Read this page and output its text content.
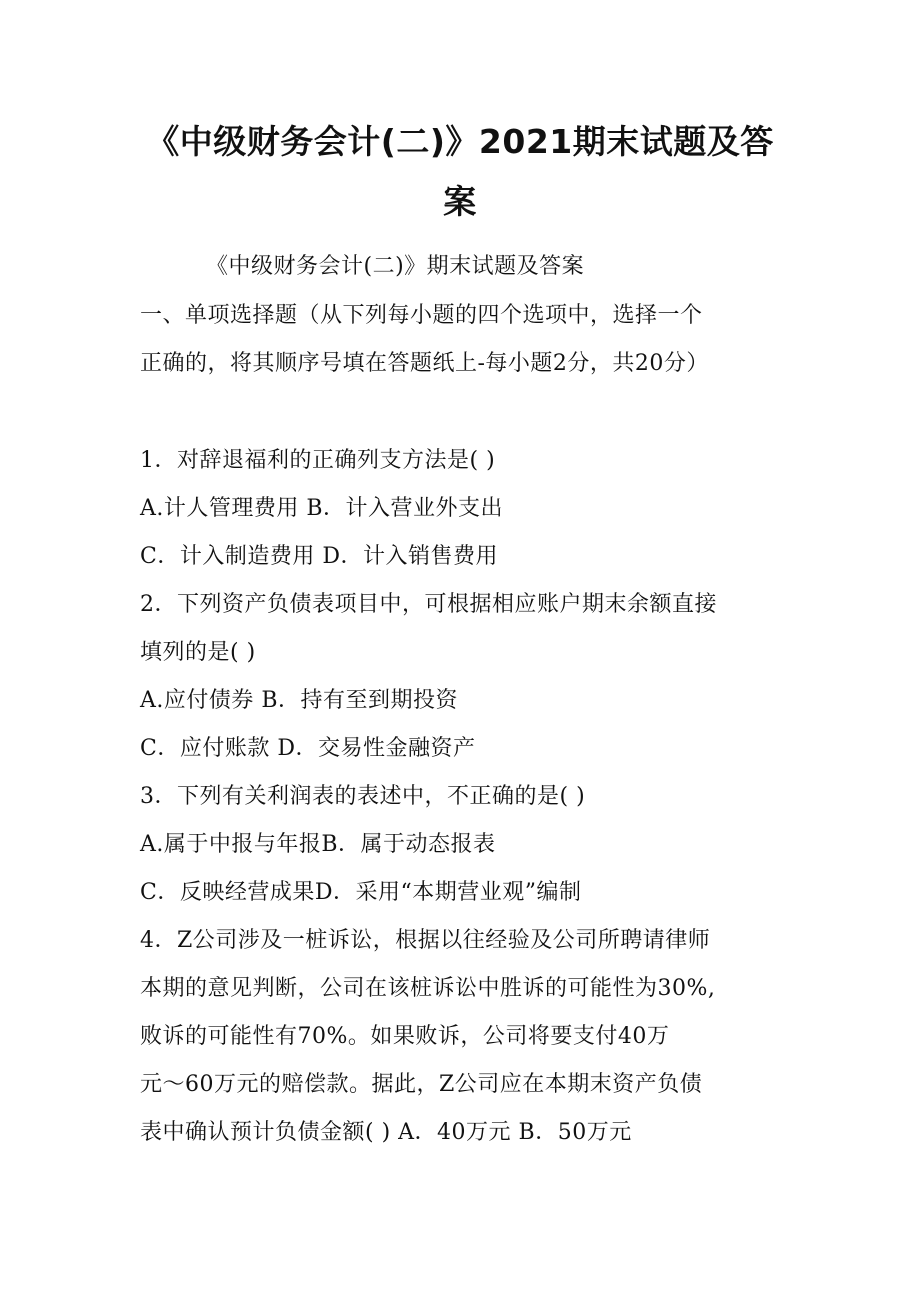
《中级财务会计(二)》2021期末试题及答案
《中级财务会计(二)》期末试题及答案
一、单项选择题（从下列每小题的四个选项中，选择一个
正确的，将其顺序号填在答题纸上-每小题2分，共20分）
1．对辞退福利的正确列支方法是( )
A.计人管理费用 B．计入营业外支出
C．计入制造费用 D．计入销售费用
2．下列资产负债表项目中，可根据相应账户期末余额直接
填列的是( )
A.应付债券 B．持有至到期投资
C．应付账款 D．交易性金融资产
3．下列有关利润表的表述中，不正确的是( )
A.属于中报与年报B．属于动态报表
C．反映经营成果D．采用“本期营业观”编制
4．Z公司涉及一桩诉讼，根据以往经验及公司所聘请律师
本期的意见判断，公司在该桩诉讼中胜诉的可能性为30%,
败诉的可能性有70%。如果败诉，公司将要支付40万
元～60万元的赔偿款。据此，Z公司应在本期末资产负债
表中确认预计负债金额( ) A．40万元 B．50万元
